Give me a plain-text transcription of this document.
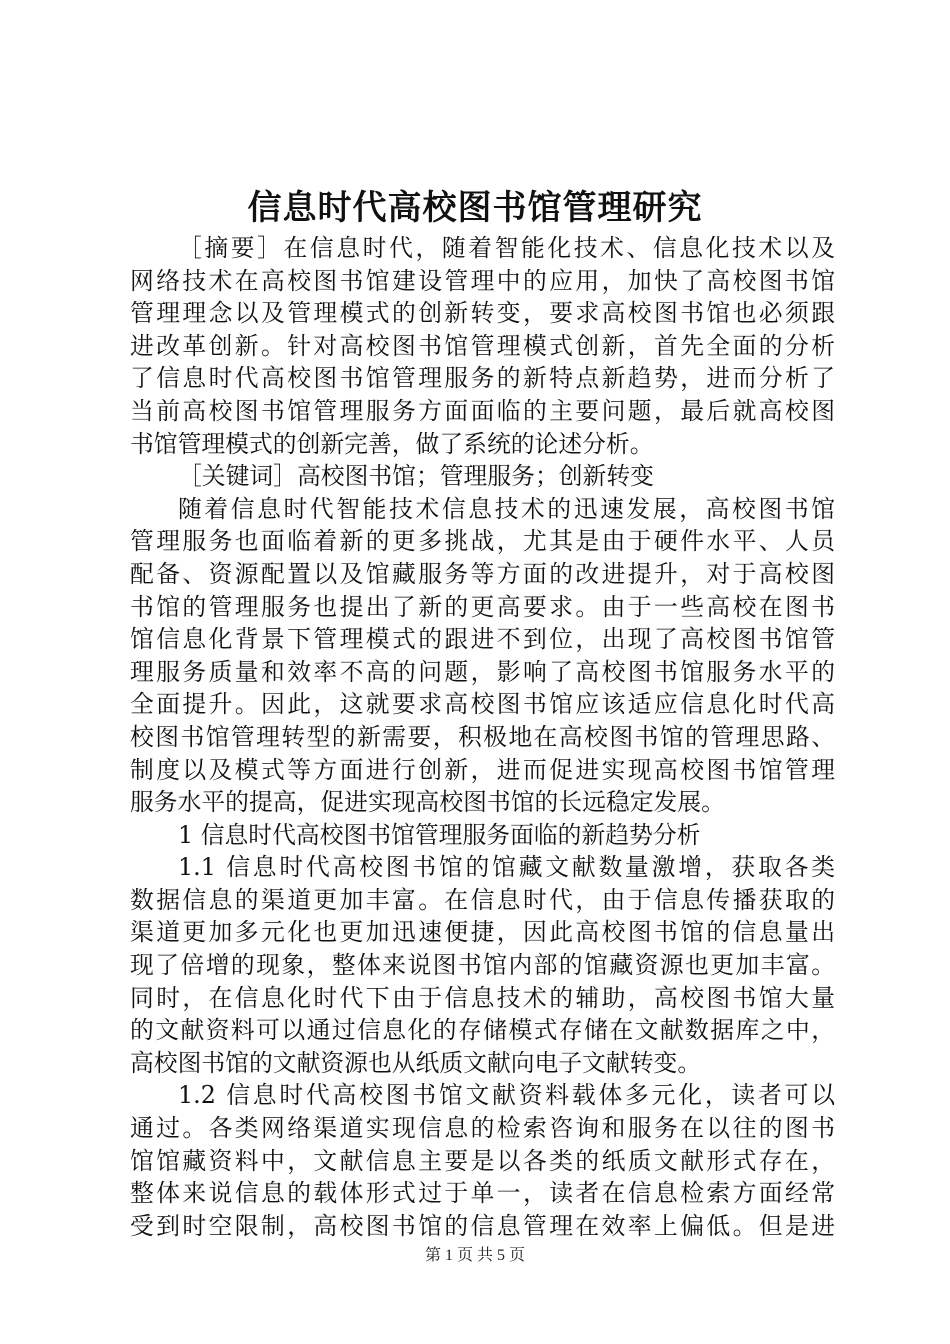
信息时代高校图书馆管理研究
［摘要］在信息时代，随着智能化技术、信息化技术以及
网络技术在高校图书馆建设管理中的应用，加快了高校图书馆
管理理念以及管理模式的创新转变，要求高校图书馆也必须跟
进改革创新。针对高校图书馆管理模式创新，首先全面的分析
了信息时代高校图书馆管理服务的新特点新趋势，进而分析了
当前高校图书馆管理服务方面面临的主要问题，最后就高校图
书馆管理模式的创新完善，做了系统的论述分析。
［关键词］高校图书馆；管理服务；创新转变
随着信息时代智能技术信息技术的迅速发展，高校图书馆
管理服务也面临着新的更多挑战，尤其是由于硬件水平、人员
配备、资源配置以及馆藏服务等方面的改进提升，对于高校图
书馆的管理服务也提出了新的更高要求。由于一些高校在图书
馆信息化背景下管理模式的跟进不到位，出现了高校图书馆管
理服务质量和效率不高的问题，影响了高校图书馆服务水平的
全面提升。因此，这就要求高校图书馆应该适应信息化时代高
校图书馆管理转型的新需要，积极地在高校图书馆的管理思路、
制度以及模式等方面进行创新，进而促进实现高校图书馆管理
服务水平的提高，促进实现高校图书馆的长远稳定发展。
1 信息时代高校图书馆管理服务面临的新趋势分析
1.1 信息时代高校图书馆的馆藏文献数量激增，获取各类
数据信息的渠道更加丰富。在信息时代，由于信息传播获取的
渠道更加多元化也更加迅速便捷，因此高校图书馆的信息量出
现了倍增的现象，整体来说图书馆内部的馆藏资源也更加丰富。
同时，在信息化时代下由于信息技术的辅助，高校图书馆大量
的文献资料可以通过信息化的存储模式存储在文献数据库之中，
高校图书馆的文献资源也从纸质文献向电子文献转变。
1.2 信息时代高校图书馆文献资料载体多元化，读者可以
通过。各类网络渠道实现信息的检索咨询和服务在以往的图书
馆馆藏资料中，文献信息主要是以各类的纸质文献形式存在，
整体来说信息的载体形式过于单一，读者在信息检索方面经常
受到时空限制，高校图书馆的信息管理在效率上偏低。但是进
第 1 页 共 5 页
